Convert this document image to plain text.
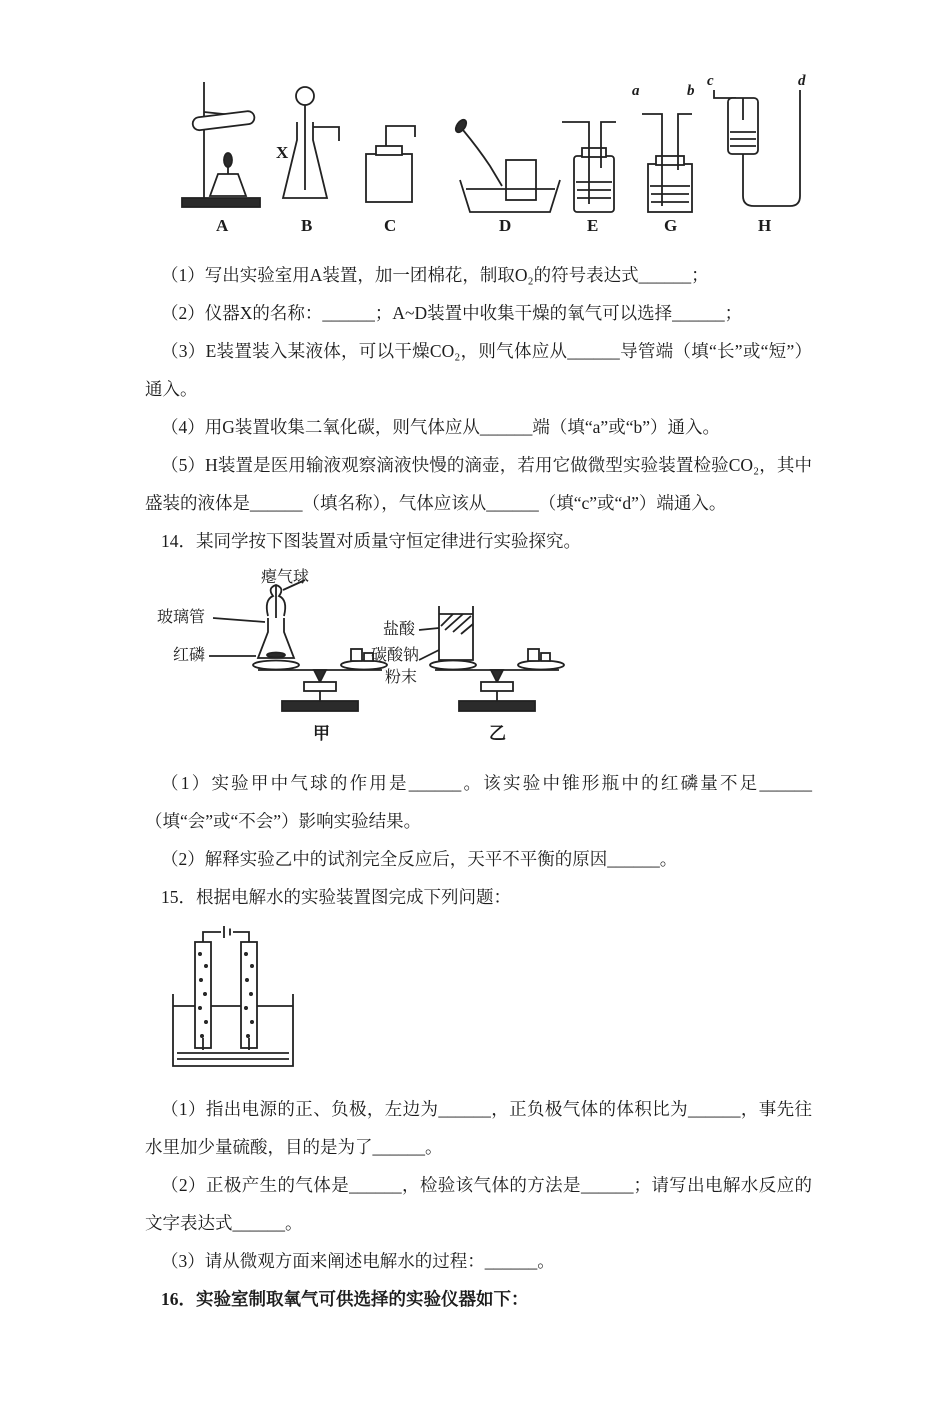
A	B	C	D	E	G	H
a	b
c	d
X

（1）写出实验室用A装置，加一团棉花，制取O₂的符号表达式______；

（2）仪器X的名称：______；A~D装置中收集干燥的氧气可以选择______；

（3）E装置装入某液体，可以干燥CO₂，则气体应从______导管端（填“长”或“短”）通入。

（4）用G装置收集二氧化碳，则气体应从______端（填“a”或“b”）通入。

（5）H装置是医用输液观察滴液快慢的滴壶，若用它做微型实验装置检验CO₂，其中盛装的液体是______（填名称），气体应该从______（填“c”或“d”）端通入。

14．某同学按下图装置对质量守恒定律进行实验探究。

瘪气球
玻璃管
红磷
盐酸
碳酸钠
粉末
甲	乙

（1）实验甲中气球的作用是______。该实验中锥形瓶中的红磷量不足______（填“会”或“不会”）影响实验结果。

（2）解释实验乙中的试剂完全反应后，天平不平衡的原因______。

15．根据电解水的实验装置图完成下列问题：

（1）指出电源的正、负极，左边为______，正负极气体的体积比为______，事先往水里加少量硫酸，目的是为了______。

（2）正极产生的气体是______，检验该气体的方法是______；请写出电解水反应的文字表达式______。

（3）请从微观方面来阐述电解水的过程：______。

16．实验室制取氧气可供选择的实验仪器如下：
